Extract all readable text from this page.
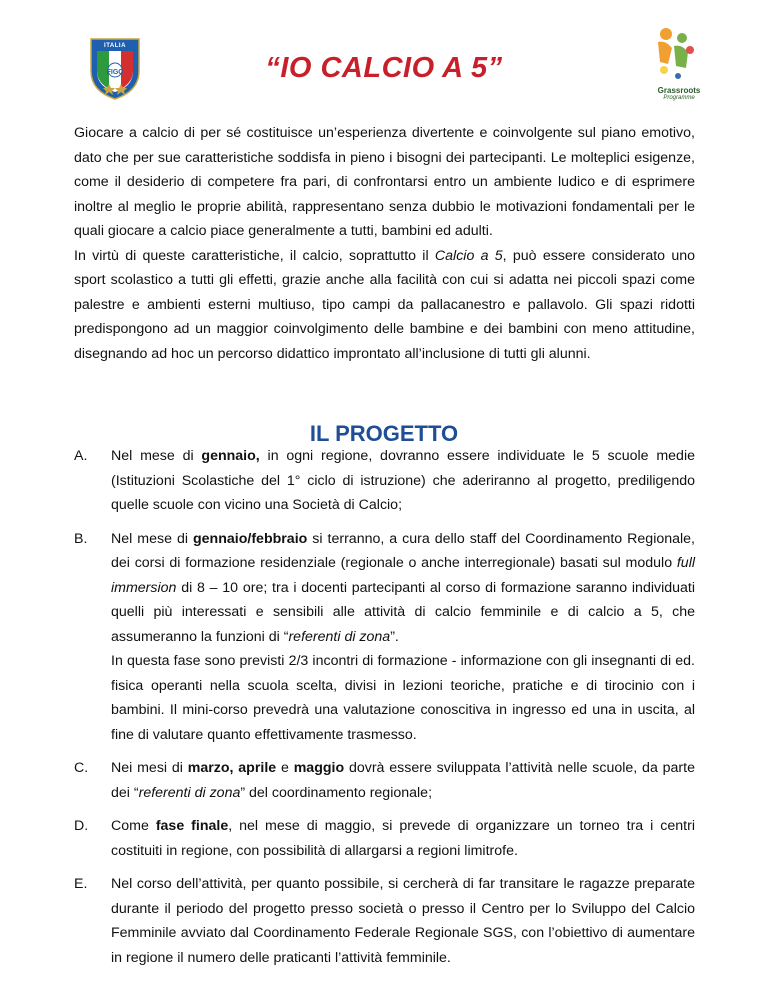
FIGC
ITALIA
“IO CALCIO A 5”
Grassroots
Programme

Giocare a calcio di per sé costituisce un’esperienza divertente e coinvolgente sul piano emotivo, dato che per sue caratteristiche soddisfa in pieno i bisogni dei partecipanti. Le molteplici esigenze, come il desiderio di competere fra pari, di confrontarsi entro un ambiente ludico e di esprimere inoltre al meglio le proprie abilità, rappresentano senza dubbio le motivazioni fondamentali per le quali giocare a calcio piace generalmente a tutti, bambini ed adulti.

In virtù di queste caratteristiche, il calcio, soprattutto il Calcio a 5, può essere considerato uno sport scolastico a tutti gli effetti, grazie anche alla facilità con cui si adatta nei piccoli spazi come palestre e ambienti esterni multiuso, tipo campi da pallacanestro e pallavolo. Gli spazi ridotti predispongono ad un maggior coinvolgimento delle bambine e dei bambini con meno attitudine, disegnando ad hoc un percorso didattico improntato all’inclusione di tutti gli alunni.

IL PROGETTO
A.	Nel mese di gennaio, in ogni regione, dovranno essere individuate le 5 scuole medie (Istituzioni Scolastiche del 1° ciclo di istruzione) che aderiranno al progetto, prediligendo quelle scuole con vicino una Società di Calcio;

B.	Nel mese di gennaio/febbraio si terranno, a cura dello staff del Coordinamento Regionale, dei corsi di formazione residenziale (regionale o anche interregionale) basati sul modulo full immersion di 8 – 10 ore; tra i docenti partecipanti al corso di formazione saranno individuati quelli più interessati e sensibili alle attività di calcio femminile e di calcio a 5, che assumeranno la funzioni di “referenti di zona”.

In questa fase sono previsti 2/3 incontri di formazione - informazione con gli insegnanti di ed. fisica operanti nella scuola scelta, divisi in lezioni teoriche, pratiche e di tirocinio con i bambini. Il mini-corso prevedrà una valutazione conoscitiva in ingresso ed una in uscita, al fine di valutare quanto effettivamente trasmesso.

C.	Nei mesi di marzo, aprile e maggio dovrà essere sviluppata l’attività nelle scuole, da parte dei “referenti di zona” del coordinamento regionale;

D.	Come fase finale, nel mese di maggio, si prevede di organizzare un torneo tra i centri costituiti in regione, con possibilità di allargarsi a regioni limitrofe.

E.	Nel corso dell’attività, per quanto possibile, si cercherà di far transitare le ragazze preparate durante il periodo del progetto presso società o presso il Centro per lo Sviluppo del Calcio Femminile avviato dal Coordinamento Federale Regionale SGS, con l’obiettivo di aumentare in regione il numero delle praticanti l’attività femminile.
